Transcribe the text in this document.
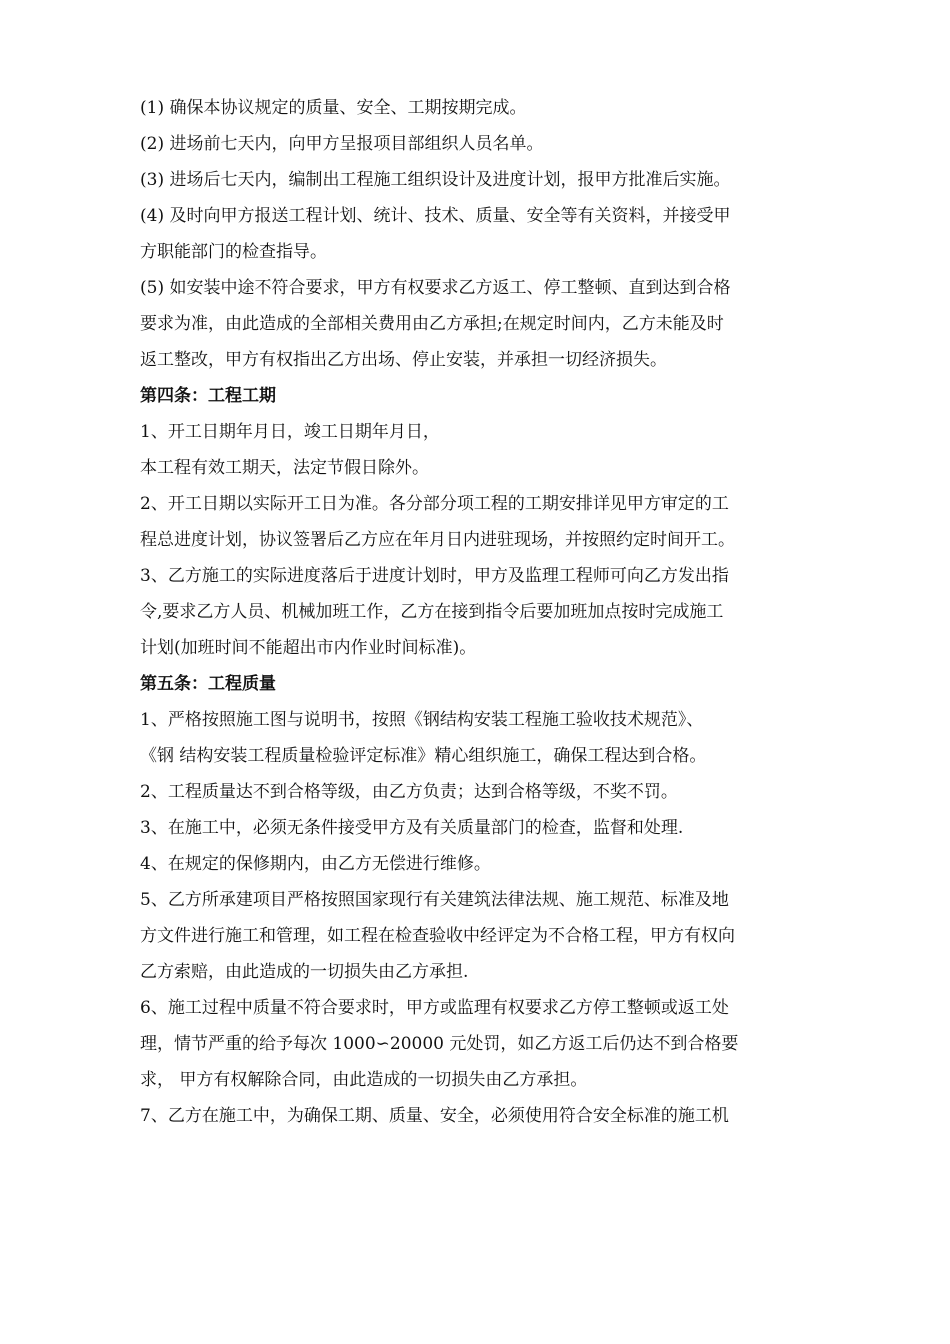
(1) 确保本协议规定的质量、安全、工期按期完成。
(2) 进场前七天内，向甲方呈报项目部组织人员名单。
(3) 进场后七天内，编制出工程施工组织设计及进度计划，报甲方批准后实施。
(4) 及时向甲方报送工程计划、统计、技术、质量、安全等有关资料，并接受甲
方职能部门的检查指导。
(5) 如安装中途不符合要求，甲方有权要求乙方返工、停工整顿、直到达到合格
要求为准，由此造成的全部相关费用由乙方承担;在规定时间内，乙方未能及时
返工整改，甲方有权指出乙方出场、停止安装，并承担一切经济损失。
第四条：工程工期
1、开工日期年月日，竣工日期年月日，
本工程有效工期天，法定节假日除外。
2、开工日期以实际开工日为准。各分部分项工程的工期安排详见甲方审定的工
程总进度计划，协议签署后乙方应在年月日内进驻现场，并按照约定时间开工。
3、乙方施工的实际进度落后于进度计划时，甲方及监理工程师可向乙方发出指
令,要求乙方人员、机械加班工作，乙方在接到指令后要加班加点按时完成施工
计划(加班时间不能超出市内作业时间标准)。
第五条：工程质量
1、严格按照施工图与说明书，按照《钢结构安装工程施工验收技术规范》、
《钢 结构安装工程质量检验评定标准》精心组织施工，确保工程达到合格。
2、工程质量达不到合格等级，由乙方负责；达到合格等级，不奖不罚。
3、在施工中，必须无条件接受甲方及有关质量部门的检查，监督和处理.
4、在规定的保修期内，由乙方无偿进行维修。
5、乙方所承建项目严格按照国家现行有关建筑法律法规、施工规范、标准及地
方文件进行施工和管理，如工程在检查验收中经评定为不合格工程，甲方有权向
乙方索赔，由此造成的一切损失由乙方承担.
6、施工过程中质量不符合要求时，甲方或监理有权要求乙方停工整顿或返工处
理，情节严重的给予每次 1000∽20000 元处罚，如乙方返工后仍达不到合格要
求， 甲方有权解除合同，由此造成的一切损失由乙方承担。
7、乙方在施工中，为确保工期、质量、安全，必须使用符合安全标准的施工机
